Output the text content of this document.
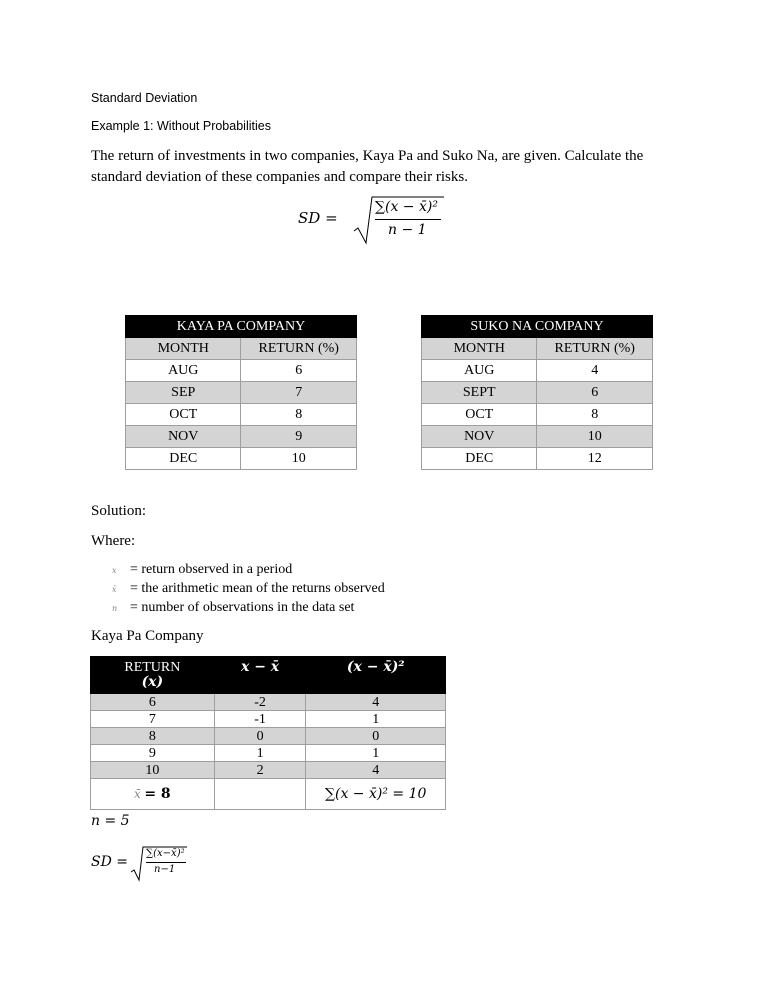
Standard Deviation
Example 1: Without Probabilities
The return of investments in two companies, Kaya Pa and Suko Na, are given. Calculate the standard deviation of these companies and compare their risks.
SD =
∑(x − x̄)²
n − 1
KAYA PA COMPANY	
MONTH	RETURN (%)
AUG	6
SEP	7
OCT	8
NOV	9
DEC	10
SUKO NA COMPANY	
MONTH	RETURN (%)
AUG	4
SEPT	6
OCT	8
NOV	10
DEC	12
Solution:
Where:
x = return observed in a period
x̄ = the arithmetic mean of the returns observed
n = number of observations in the data set
Kaya Pa Company
RETURN
(x)	x − x̄	(x − x̄)²
6	-2	4
7	-1	1
8	0	0
9	1	1
10	2	4
x̄ = 8		∑(x − x̄)² = 10
n = 5
SD =
∑(x−x̄)²
n−1
